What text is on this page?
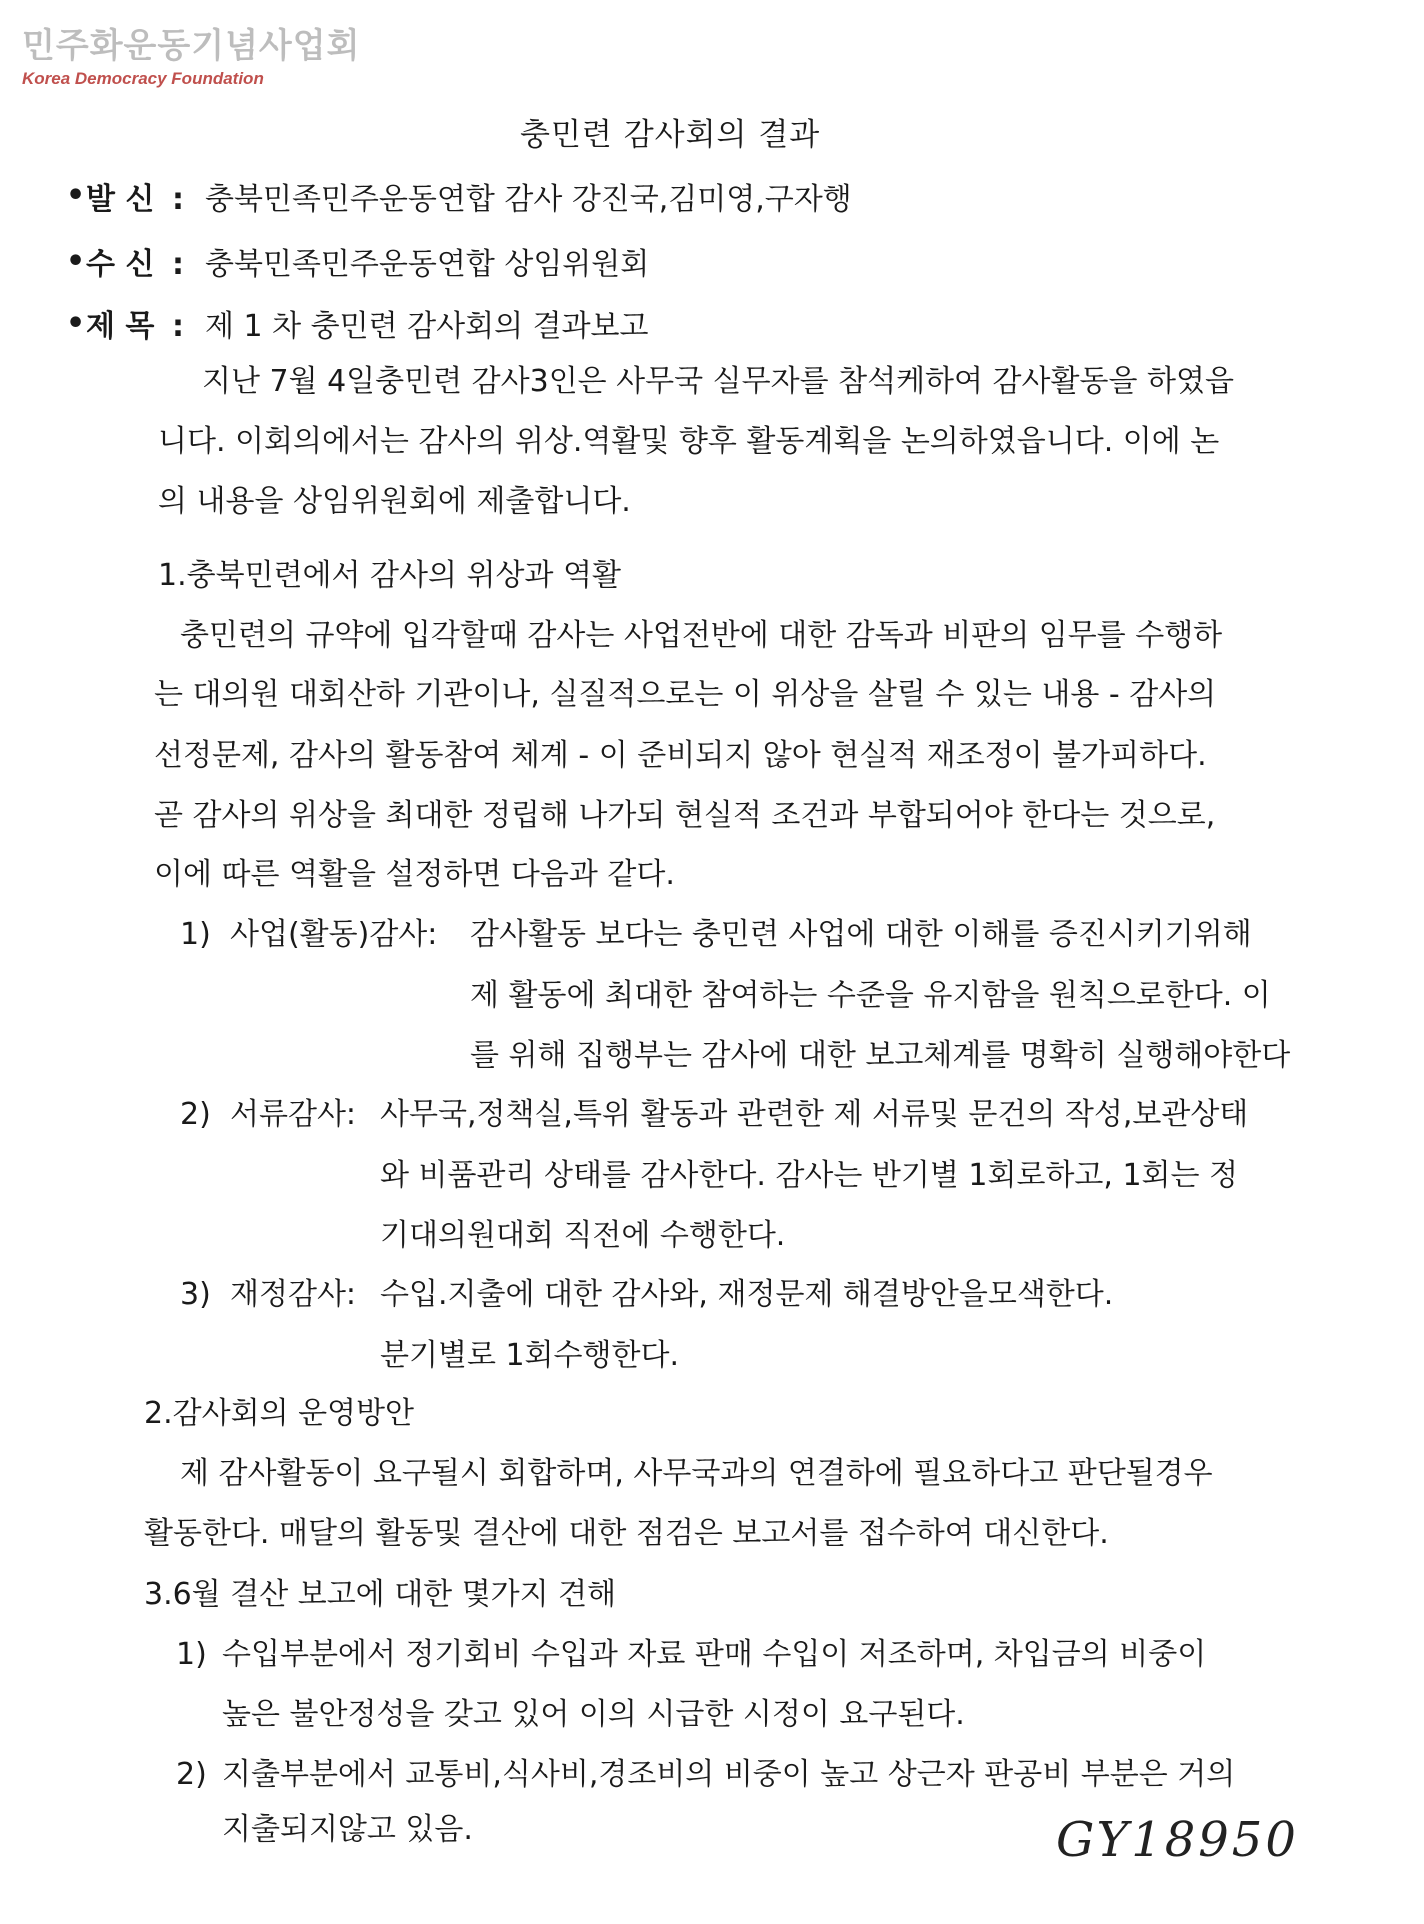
민주화운동기념사업회
Korea Democracy Foundation
충민련 감사회의 결과
• 발 신 : 충북민족민주운동연합 감사 강진국,김미영,구자행
• 수 신 : 충북민족민주운동연합 상임위원회
• 제 목 : 제 1 차 충민련 감사회의 결과보고
지난 7월 4일충민련 감사3인은 사무국 실무자를 참석케하여 감사활동을 하였읍
니다. 이회의에서는 감사의 위상.역활및 향후 활동계획을 논의하였읍니다. 이에 논
의 내용을 상임위원회에 제출합니다.
1.충북민련에서 감사의 위상과 역활
충민련의 규약에 입각할때 감사는 사업전반에 대한 감독과 비판의 임무를 수행하
는 대의원 대회산하 기관이나, 실질적으로는 이 위상을 살릴 수 있는 내용 - 감사의
선정문제, 감사의 활동참여 체계 - 이 준비되지 않아 현실적 재조정이 불가피하다.
곧 감사의 위상을 최대한 정립해 나가되 현실적 조건과 부합되어야 한다는 것으로,
이에 따른 역활을 설정하면 다음과 같다.
1) 사업(활동)감사: 감사활동 보다는 충민련 사업에 대한 이해를 증진시키기위해
제 활동에 최대한 참여하는 수준을 유지함을 원칙으로한다. 이
를 위해 집행부는 감사에 대한 보고체계를 명확히 실행해야한다
2) 서류감사: 사무국,정책실,특위 활동과 관련한 제 서류및 문건의 작성,보관상태
와 비품관리 상태를 감사한다. 감사는 반기별 1회로하고, 1회는 정
기대의원대회 직전에 수행한다.
3) 재정감사: 수입.지출에 대한 감사와, 재정문제 해결방안을모색한다.
분기별로 1회수행한다.
2.감사회의 운영방안
제 감사활동이 요구될시 회합하며, 사무국과의 연결하에 필요하다고 판단될경우
활동한다. 매달의 활동및 결산에 대한 점검은 보고서를 접수하여 대신한다.
3.6월 결산 보고에 대한 몇가지 견해
1) 수입부분에서 정기회비 수입과 자료 판매 수입이 저조하며, 차입금의 비중이
높은 불안정성을 갖고 있어 이의 시급한 시정이 요구된다.
2) 지출부분에서 교통비,식사비,경조비의 비중이 높고 상근자 판공비 부분은 거의
지출되지않고 있음.	GY18950
